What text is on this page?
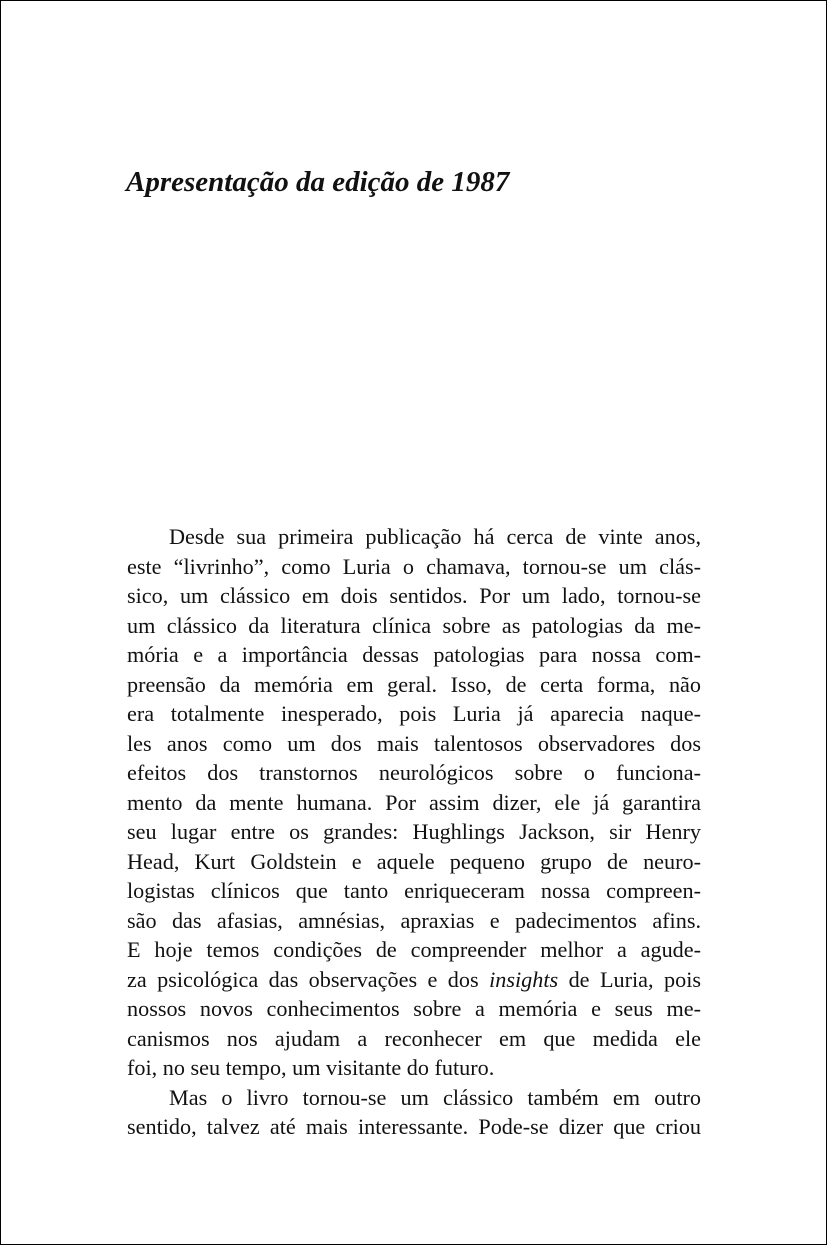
Apresentação da edição de 1987

Desde sua primeira publicação há cerca de vinte anos,
este “livrinho”, como Luria o chamava, tornou-se um clás-
sico, um clássico em dois sentidos. Por um lado, tornou-se
um clássico da literatura clínica sobre as patologias da me-
mória e a importância dessas patologias para nossa com-
preensão da memória em geral. Isso, de certa forma, não
era totalmente inesperado, pois Luria já aparecia naque-
les anos como um dos mais talentosos observadores dos
efeitos dos transtornos neurológicos sobre o funciona-
mento da mente humana. Por assim dizer, ele já garantira
seu lugar entre os grandes: Hughlings Jackson, sir Henry
Head, Kurt Goldstein e aquele pequeno grupo de neuro-
logistas clínicos que tanto enriqueceram nossa compreen-
são das afasias, amnésias, apraxias e padecimentos afins.
E hoje temos condições de compreender melhor a agude-
za psicológica das observações e dos insights de Luria, pois
nossos novos conhecimentos sobre a memória e seus me-
canismos nos ajudam a reconhecer em que medida ele
foi, no seu tempo, um visitante do futuro.

Mas o livro tornou-se um clássico também em outro
sentido, talvez até mais interessante. Pode-se dizer que criou
